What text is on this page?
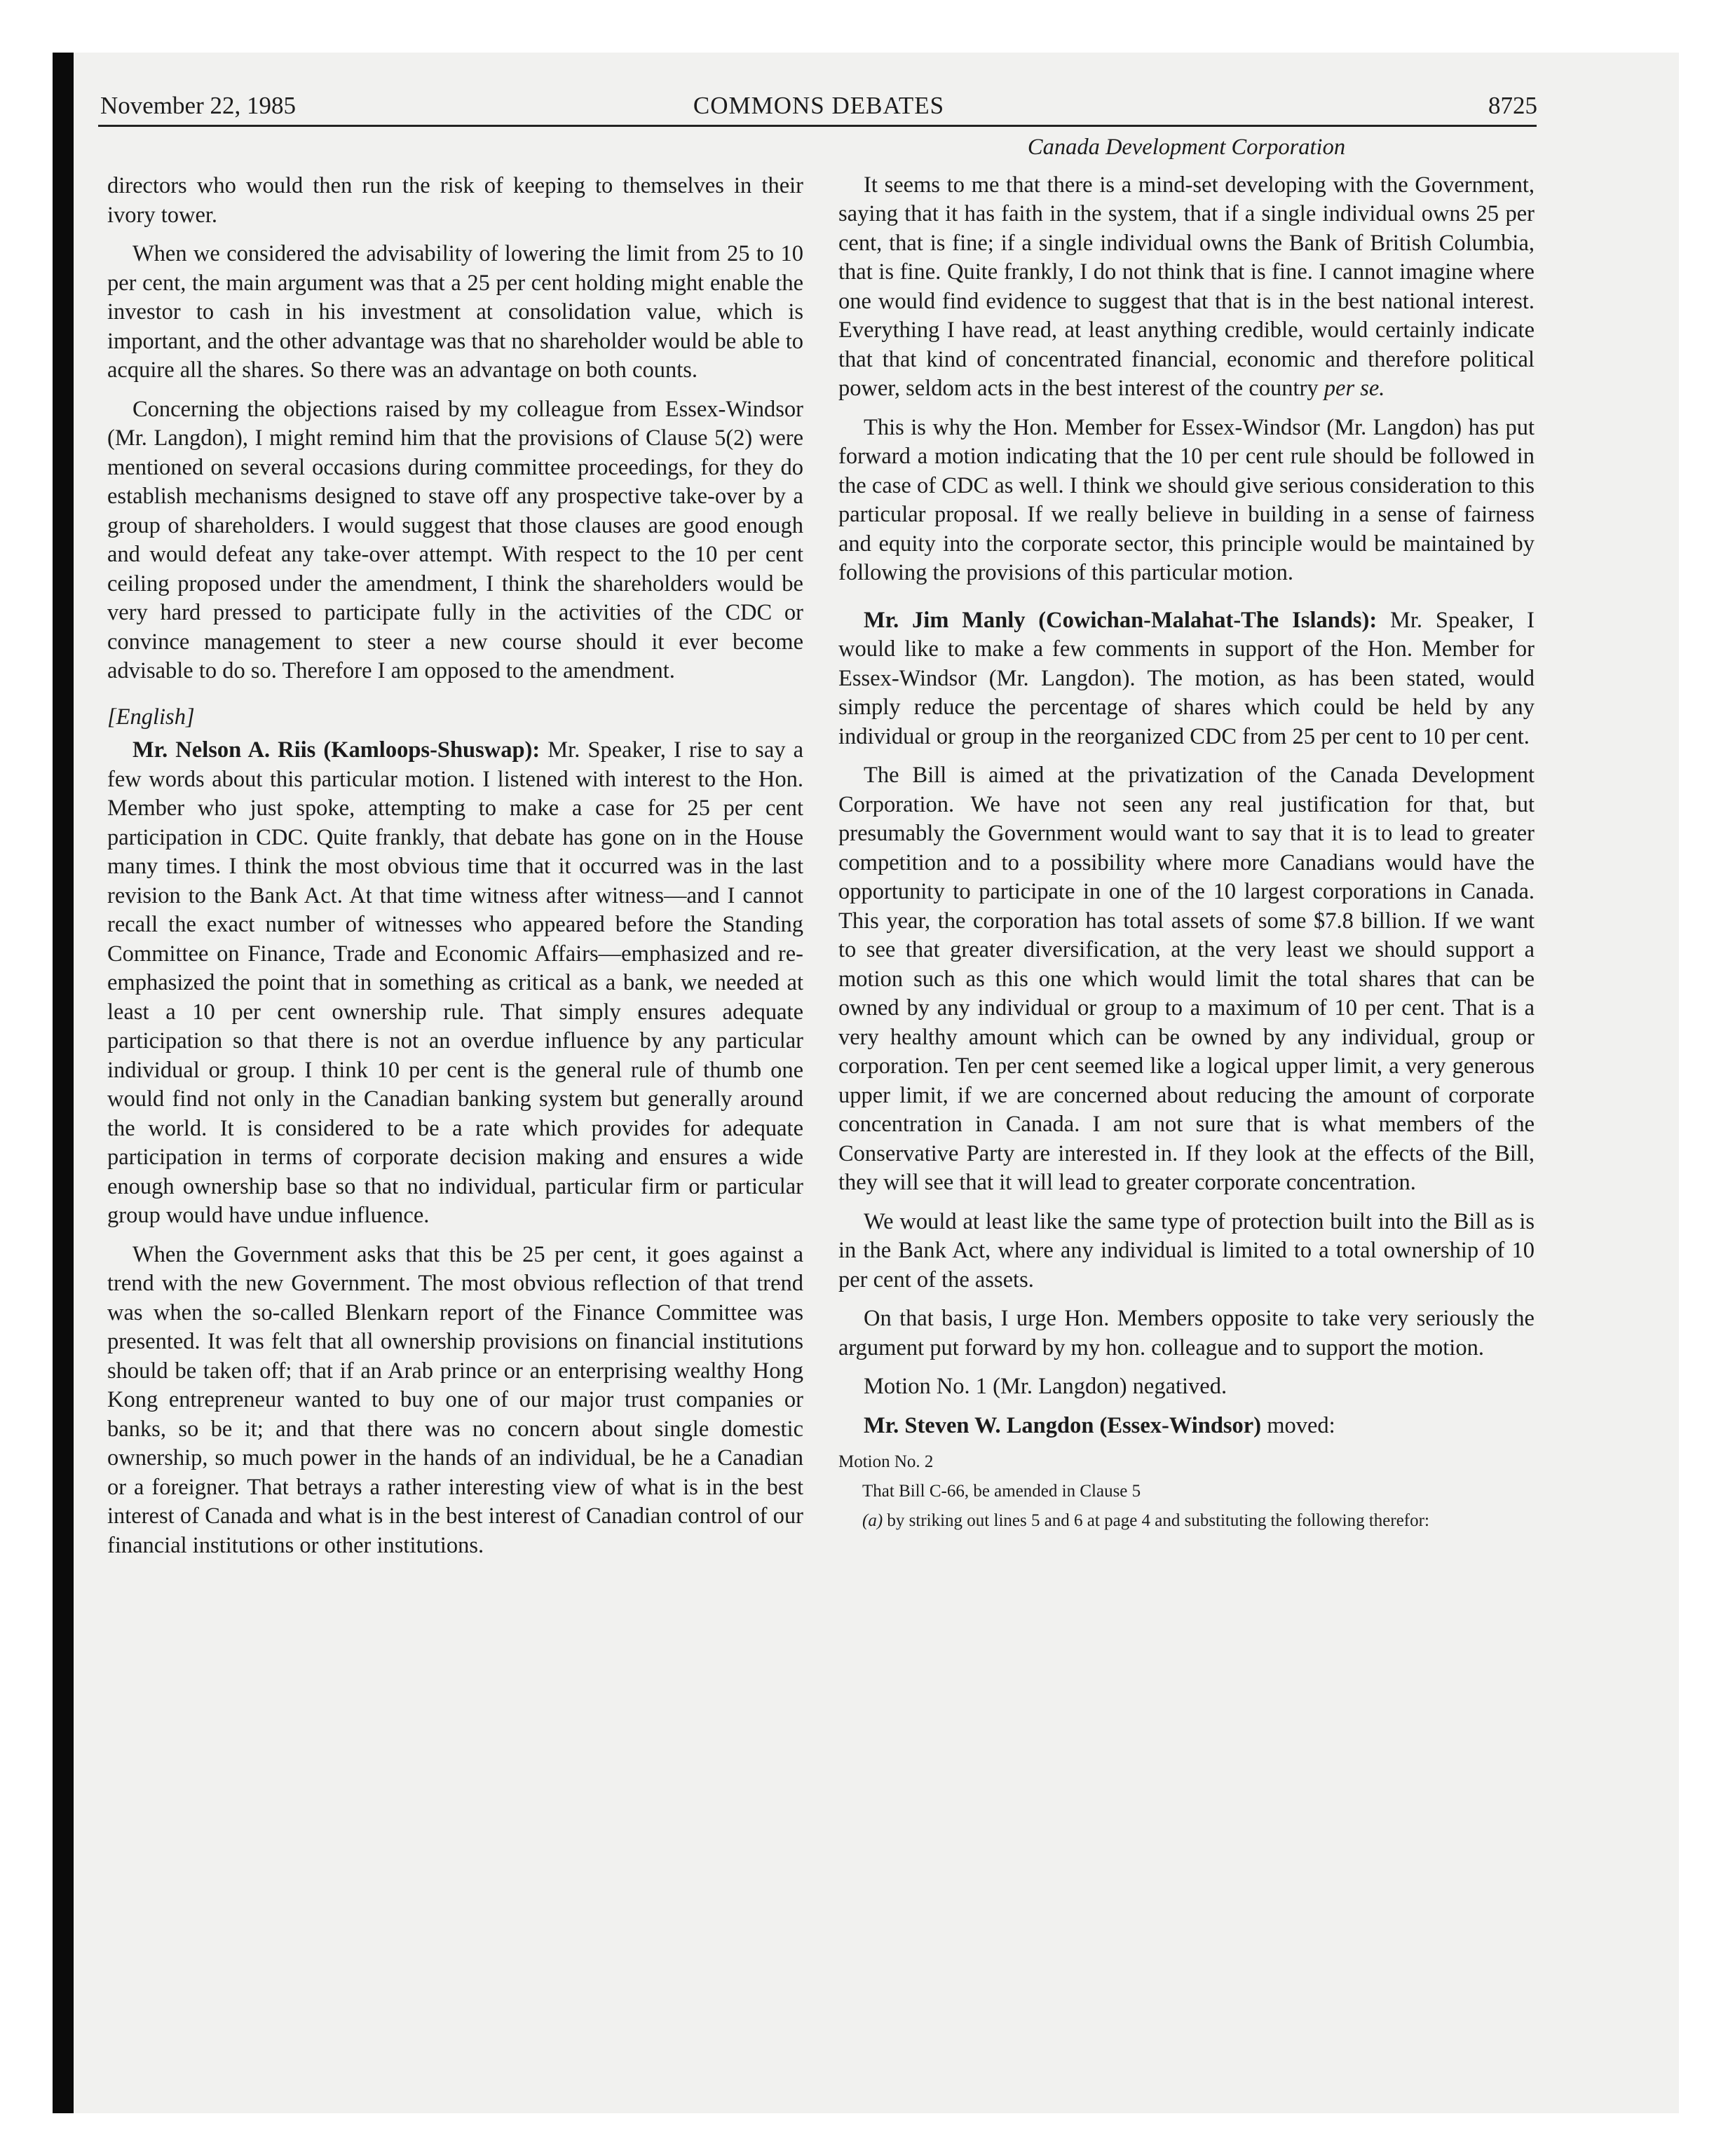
November 22, 1985	COMMONS DEBATES	8725

directors who would then run the risk of keeping to themselves in their ivory tower.

When we considered the advisability of lowering the limit from 25 to 10 per cent, the main argument was that a 25 per cent holding might enable the investor to cash in his investment at consolidation value, which is important, and the other advantage was that no shareholder would be able to acquire all the shares. So there was an advantage on both counts.

Concerning the objections raised by my colleague from Essex-Windsor (Mr. Langdon), I might remind him that the provisions of Clause 5(2) were mentioned on several occasions during committee proceedings, for they do establish mechanisms designed to stave off any prospective take-over by a group of shareholders. I would suggest that those clauses are good enough and would defeat any take-over attempt. With respect to the 10 per cent ceiling proposed under the amendment, I think the shareholders would be very hard pressed to participate fully in the activities of the CDC or convince management to steer a new course should it ever become advisable to do so. Therefore I am opposed to the amendment.

[English]

Mr. Nelson A. Riis (Kamloops-Shuswap): Mr. Speaker, I rise to say a few words about this particular motion. I listened with interest to the Hon. Member who just spoke, attempting to make a case for 25 per cent participation in CDC. Quite frankly, that debate has gone on in the House many times. I think the most obvious time that it occurred was in the last revision to the Bank Act. At that time witness after witness—and I cannot recall the exact number of witnesses who appeared before the Standing Committee on Finance, Trade and Economic Affairs—emphasized and re-emphasized the point that in something as critical as a bank, we needed at least a 10 per cent ownership rule. That simply ensures adequate participation so that there is not an overdue influence by any particular individual or group. I think 10 per cent is the general rule of thumb one would find not only in the Canadian banking system but generally around the world. It is considered to be a rate which provides for adequate participation in terms of corporate decision making and ensures a wide enough ownership base so that no individual, particular firm or particular group would have undue influence.

When the Government asks that this be 25 per cent, it goes against a trend with the new Government. The most obvious reflection of that trend was when the so-called Blenkarn report of the Finance Committee was presented. It was felt that all ownership provisions on financial institutions should be taken off; that if an Arab prince or an enterprising wealthy Hong Kong entrepreneur wanted to buy one of our major trust companies or banks, so be it; and that there was no concern about single domestic ownership, so much power in the hands of an individual, be he a Canadian or a foreigner. That betrays a rather interesting view of what is in the best interest of Canada and what is in the best interest of Canadian control of our financial institutions or other institutions.

Canada Development Corporation

It seems to me that there is a mind-set developing with the Government, saying that it has faith in the system, that if a single individual owns 25 per cent, that is fine; if a single individual owns the Bank of British Columbia, that is fine. Quite frankly, I do not think that is fine. I cannot imagine where one would find evidence to suggest that that is in the best national interest. Everything I have read, at least anything credible, would certainly indicate that that kind of concentrated financial, economic and therefore political power, seldom acts in the best interest of the country per se.

This is why the Hon. Member for Essex-Windsor (Mr. Langdon) has put forward a motion indicating that the 10 per cent rule should be followed in the case of CDC as well. I think we should give serious consideration to this particular proposal. If we really believe in building in a sense of fairness and equity into the corporate sector, this principle would be maintained by following the provisions of this particular motion.

Mr. Jim Manly (Cowichan-Malahat-The Islands): Mr. Speaker, I would like to make a few comments in support of the Hon. Member for Essex-Windsor (Mr. Langdon). The motion, as has been stated, would simply reduce the percentage of shares which could be held by any individual or group in the reorganized CDC from 25 per cent to 10 per cent.

The Bill is aimed at the privatization of the Canada Development Corporation. We have not seen any real justification for that, but presumably the Government would want to say that it is to lead to greater competition and to a possibility where more Canadians would have the opportunity to participate in one of the 10 largest corporations in Canada. This year, the corporation has total assets of some $7.8 billion. If we want to see that greater diversification, at the very least we should support a motion such as this one which would limit the total shares that can be owned by any individual or group to a maximum of 10 per cent. That is a very healthy amount which can be owned by any individual, group or corporation. Ten per cent seemed like a logical upper limit, a very generous upper limit, if we are concerned about reducing the amount of corporate concentration in Canada. I am not sure that is what members of the Conservative Party are interested in. If they look at the effects of the Bill, they will see that it will lead to greater corporate concentration.

We would at least like the same type of protection built into the Bill as is in the Bank Act, where any individual is limited to a total ownership of 10 per cent of the assets.

On that basis, I urge Hon. Members opposite to take very seriously the argument put forward by my hon. colleague and to support the motion.

Motion No. 1 (Mr. Langdon) negatived.

Mr. Steven W. Langdon (Essex-Windsor) moved:

Motion No. 2

That Bill C-66, be amended in Clause 5

(a) by striking out lines 5 and 6 at page 4 and substituting the following therefor:
